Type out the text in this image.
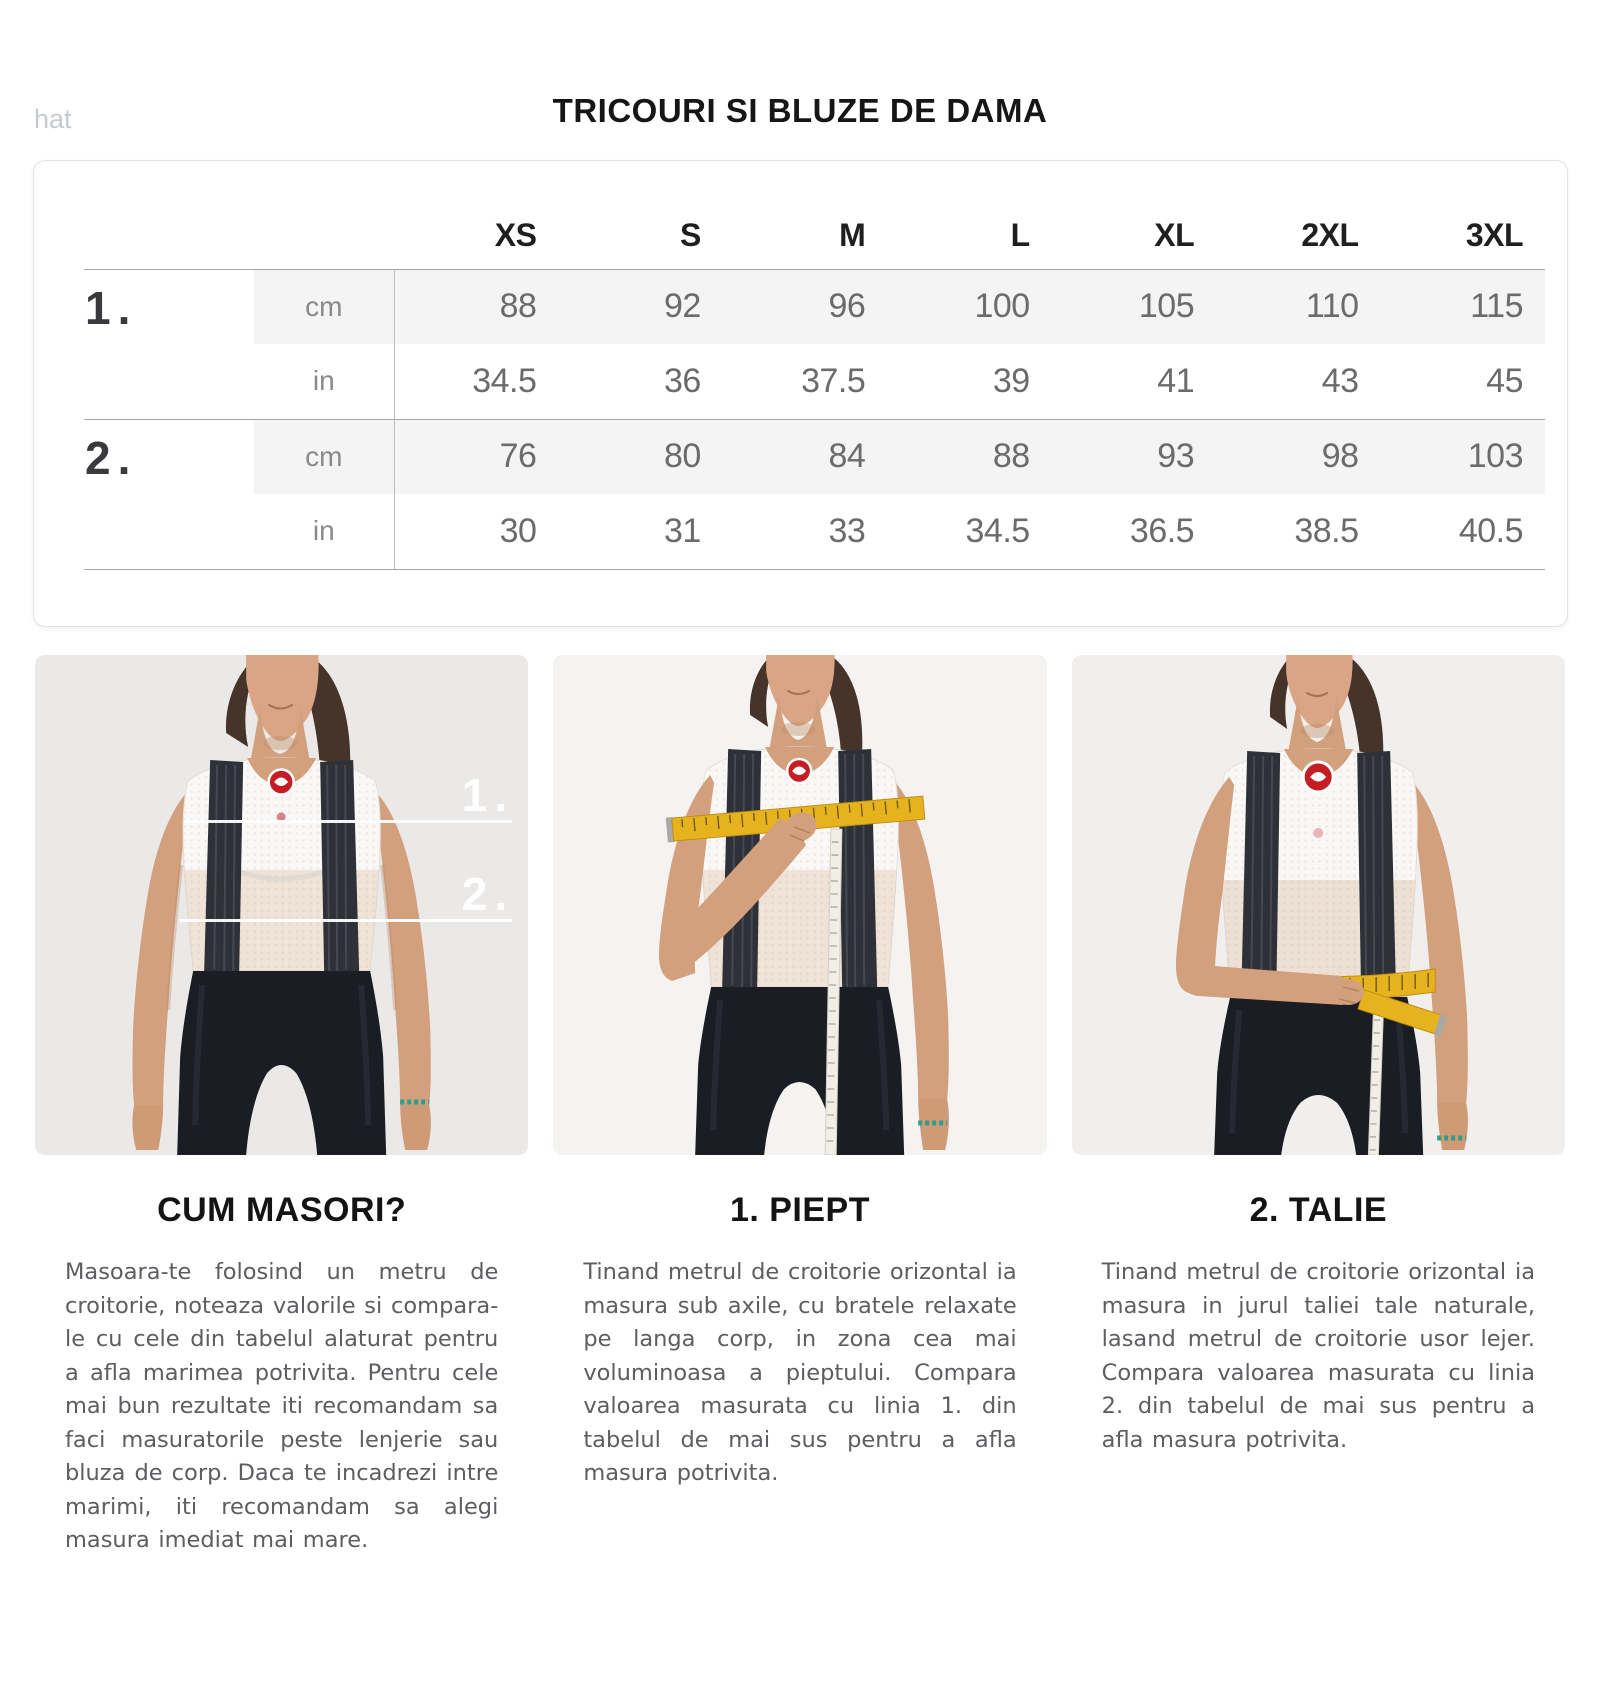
hat	TRICOURI SI BLUZE DE DAMA
		XS	S	M	L	XL	2XL	3XL
1.	cm	88	92	96	100	105	110	115
	in	34.5	36	37.5	39	41	43	45
2.	cm	76	80	84	88	93	98	103
	in	30	31	33	34.5	36.5	38.5	40.5
1.
2.
CUM MASORI?	1. PIEPT	2. TALIE

Masoara-te folosind un metru de croitorie, noteaza valorile si compara-le cu cele din tabelul alaturat pentru a afla marimea potrivita. Pentru cele mai bun rezultate iti recomandam sa faci masuratorile peste lenjerie sau bluza de corp. Daca te incadrezi intre marimi, iti recomandam sa alegi masura imediat mai mare.

Tinand metrul de croitorie orizontal ia masura sub axile, cu bratele relaxate pe langa corp, in zona cea mai voluminoasa a pieptului. Compara valoarea masurata cu linia 1. din tabelul de mai sus pentru a afla masura potrivita.

Tinand metrul de croitorie orizontal ia masura in jurul taliei tale naturale, lasand metrul de croitorie usor lejer. Compara valoarea masurata cu linia 2. din tabelul de mai sus pentru a afla masura potrivita.
